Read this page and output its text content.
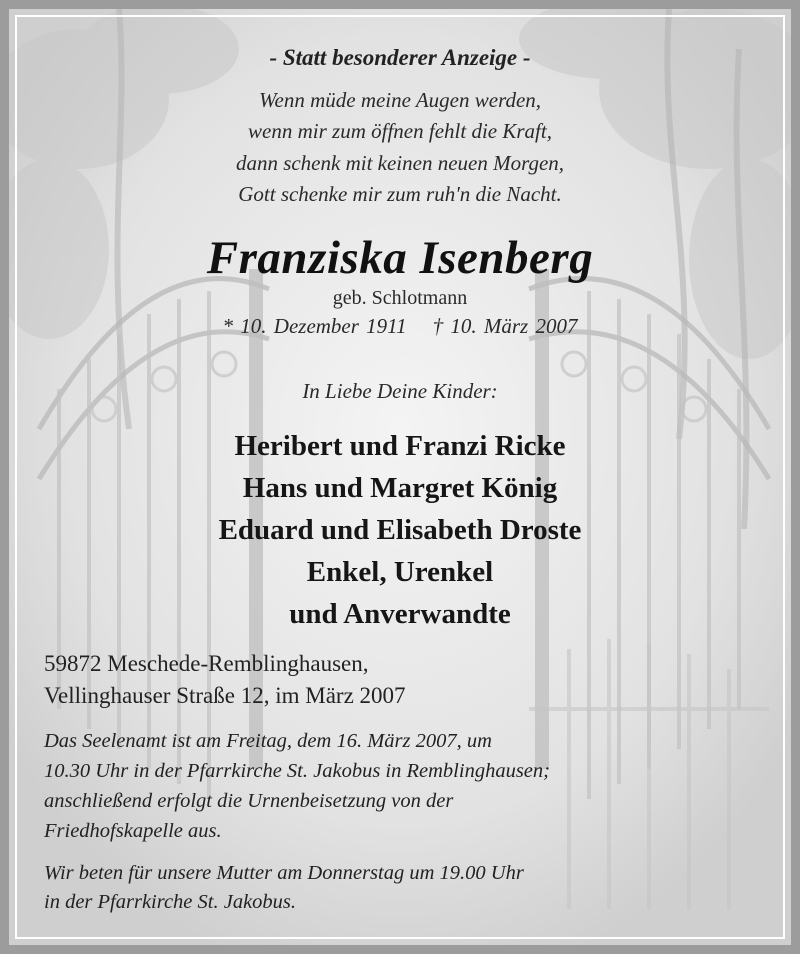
- Statt besonderer Anzeige -
Wenn müde meine Augen werden,
wenn mir zum öffnen fehlt die Kraft,
dann schenk mit keinen neuen Morgen,
Gott schenke mir zum ruh'n die Nacht.
Franziska Isenberg
geb. Schlotmann
* 10. Dezember 1911 † 10. März 2007
In Liebe Deine Kinder:
Heribert und Franzi Ricke
Hans und Margret König
Eduard und Elisabeth Droste
Enkel, Urenkel
und Anverwandte
59872 Meschede-Remblinghausen,
Vellinghauser Straße 12, im März 2007
Das Seelenamt ist am Freitag, dem 16. März 2007, um
10.30 Uhr in der Pfarrkirche St. Jakobus in Remblinghausen;
anschließend erfolgt die Urnenbeisetzung von der
Friedhofskapelle aus.
Wir beten für unsere Mutter am Donnerstag um 19.00 Uhr
in der Pfarrkirche St. Jakobus.
